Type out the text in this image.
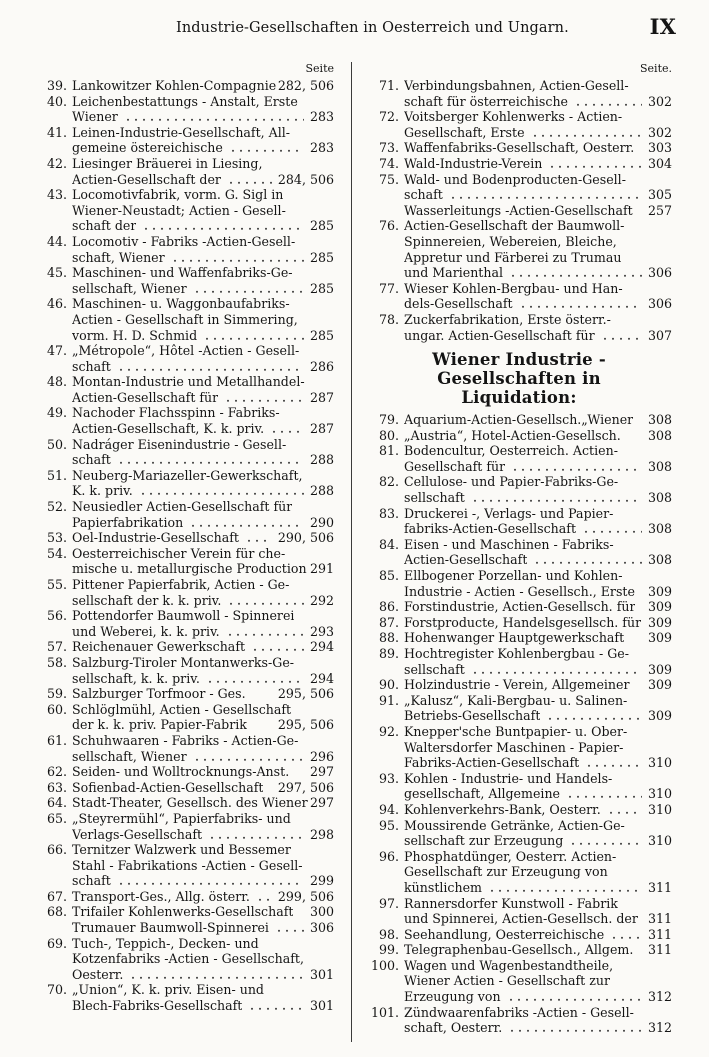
Industrie-Gesellschaften in Oesterreich und Ungarn.	IX
Seite
39. Lankowitzer Kohlen-Compagnie 282, 506
40. Leichenbestattungs - Anstalt, Erste
Wiener	283
41. Leinen-Industrie-Gesellschaft, All-
gemeine östereichische	283
42. Liesinger Bräuerei in Liesing,
Actien-Gesellschaft der	284, 506
43. Locomotivfabrik, vorm. G. Sigl in
Wiener-Neustadt; Actien - Gesell-
schaft der	285
44. Locomotiv - Fabriks -Actien-Gesell-
schaft, Wiener	285
45. Maschinen- und Waffenfabriks-Ge-
sellschaft, Wiener	285
46. Maschinen- u. Waggonbaufabriks-
Actien - Gesellschaft in Simmering,
vorm. H. D. Schmid	285
47. „Métropole“, Hôtel -Actien - Gesell-
schaft	286
48. Montan-Industrie und Metallhandel-
Actien-Gesellschaft für	287
49. Nachoder Flachsspinn - Fabriks-
Actien-Gesellschaft, K. k. priv.	287
50. Nadráger Eisenindustrie - Gesell-
schaft	288
51. Neuberg-Mariazeller-Gewerkschaft,
K. k. priv.	288
52. Neusiedler Actien-Gesellschaft für
Papierfabrikation	290
53. Oel-Industrie-Gesellschaft	290, 506
54. Oesterreichischer Verein für che-
mische u. metallurgische Production 291
55. Pittener Papierfabrik, Actien - Ge-
sellschaft der k. k. priv.	292
56. Pottendorfer Baumwoll - Spinnerei
und Weberei, k. k. priv.	293
57. Reichenauer Gewerkschaft	294
58. Salzburg-Tiroler Montanwerks-Ge-
sellschaft, k. k. priv.	294
59. Salzburger Torfmoor - Ges.	295, 506
60. Schlöglmühl, Actien - Gesellschaft
der k. k. priv. Papier-Fabrik 295, 506
61. Schuhwaaren - Fabriks - Actien-Ge-
sellschaft, Wiener	296
62. Seiden- und Wolltrocknungs-Anst. 297
63. Sofienbad-Actien-Gesellschaft 297, 506
64. Stadt-Theater, Gesellsch. des Wiener 297
65. „Steyrermühl“, Papierfabriks- und
Verlags-Gesellschaft	298
66. Ternitzer Walzwerk und Bessemer
Stahl - Fabrikations -Actien - Gesell-
schaft	299
67. Transport-Ges., Allg. österr. 299, 506
68. Trifailer Kohlenwerks-Gesellschaft 300
Trumauer Baumwoll-Spinnerei	306
69. Tuch-, Teppich-, Decken- und
Kotzenfabriks -Actien - Gesellschaft,
Oesterr.	301
70. „Union“, K. k. priv. Eisen- und
Blech-Fabriks-Gesellschaft	301
Seite.
71. Verbindungsbahnen, Actien-Gesell-
schaft für österreichische	302
72. Voitsberger Kohlenwerks - Actien-
Gesellschaft, Erste	302
73. Waffenfabriks-Gesellschaft, Oesterr. 303
74. Wald-Industrie-Verein	304
75. Wald- und Bodenproducten-Gesell-
schaft	305
Wasserleitungs -Actien-Gesellschaft 257
76. Actien-Gesellschaft der Baumwoll-
Spinnereien, Webereien, Bleiche,
Appretur und Färberei zu Trumau
und Marienthal	306
77. Wieser Kohlen-Bergbau- und Han-
dels-Gesellschaft	306
78. Zuckerfabrikation, Erste österr.-
ungar. Actien-Gesellschaft für	307
Wiener Industrie - Gesellschaften in
Liquidation:
79. Aquarium-Actien-Gesellsch.„Wiener 308
80. „Austria“, Hotel-Actien-Gesellsch. 308
81. Bodencultur, Oesterreich. Actien-
Gesellschaft für	308
82. Cellulose- und Papier-Fabriks-Ge-
sellschaft	308
83. Druckerei -, Verlags- und Papier-
fabriks-Actien-Gesellschaft	308
84. Eisen - und Maschinen - Fabriks-
Actien-Gesellschaft	308
85. Ellbogener Porzellan- und Kohlen-
Industrie - Actien - Gesellsch., Erste 309
86. Forstindustrie, Actien-Gesellsch. für 309
87. Forstproducte, Handelsgesellsch. für 309
88. Hohenwanger Hauptgewerkschaft 309
89. Hochtregister Kohlenbergbau - Ge-
sellschaft	309
90. Holzindustrie - Verein, Allgemeiner 309
91. „Kalusz“, Kali-Bergbau- u. Salinen-
Betriebs-Gesellschaft	309
92. Knepper'sche Buntpapier- u. Ober-
Waltersdorfer Maschinen - Papier-
Fabriks-Actien-Gesellschaft	310
93. Kohlen - Industrie- und Handels-
gesellschaft, Allgemeine	310
94. Kohlenverkehrs-Bank, Oesterr.	310
95. Moussirende Getränke, Actien-Ge-
sellschaft zur Erzeugung	310
96. Phosphatdünger, Oesterr. Actien-
Gesellschaft zur Erzeugung von
künstlichem	311
97. Rannersdorfer Kunstwoll - Fabrik
und Spinnerei, Actien-Gesellsch. der 311
98. Seehandlung, Oesterreichische	311
99. Telegraphenbau-Gesellsch., Allgem. 311
100. Wagen und Wagenbestandtheile,
Wiener Actien - Gesellschaft zur
Erzeugung von	312
101. Zündwaarenfabriks -Actien - Gesell-
schaft, Oesterr.	312
